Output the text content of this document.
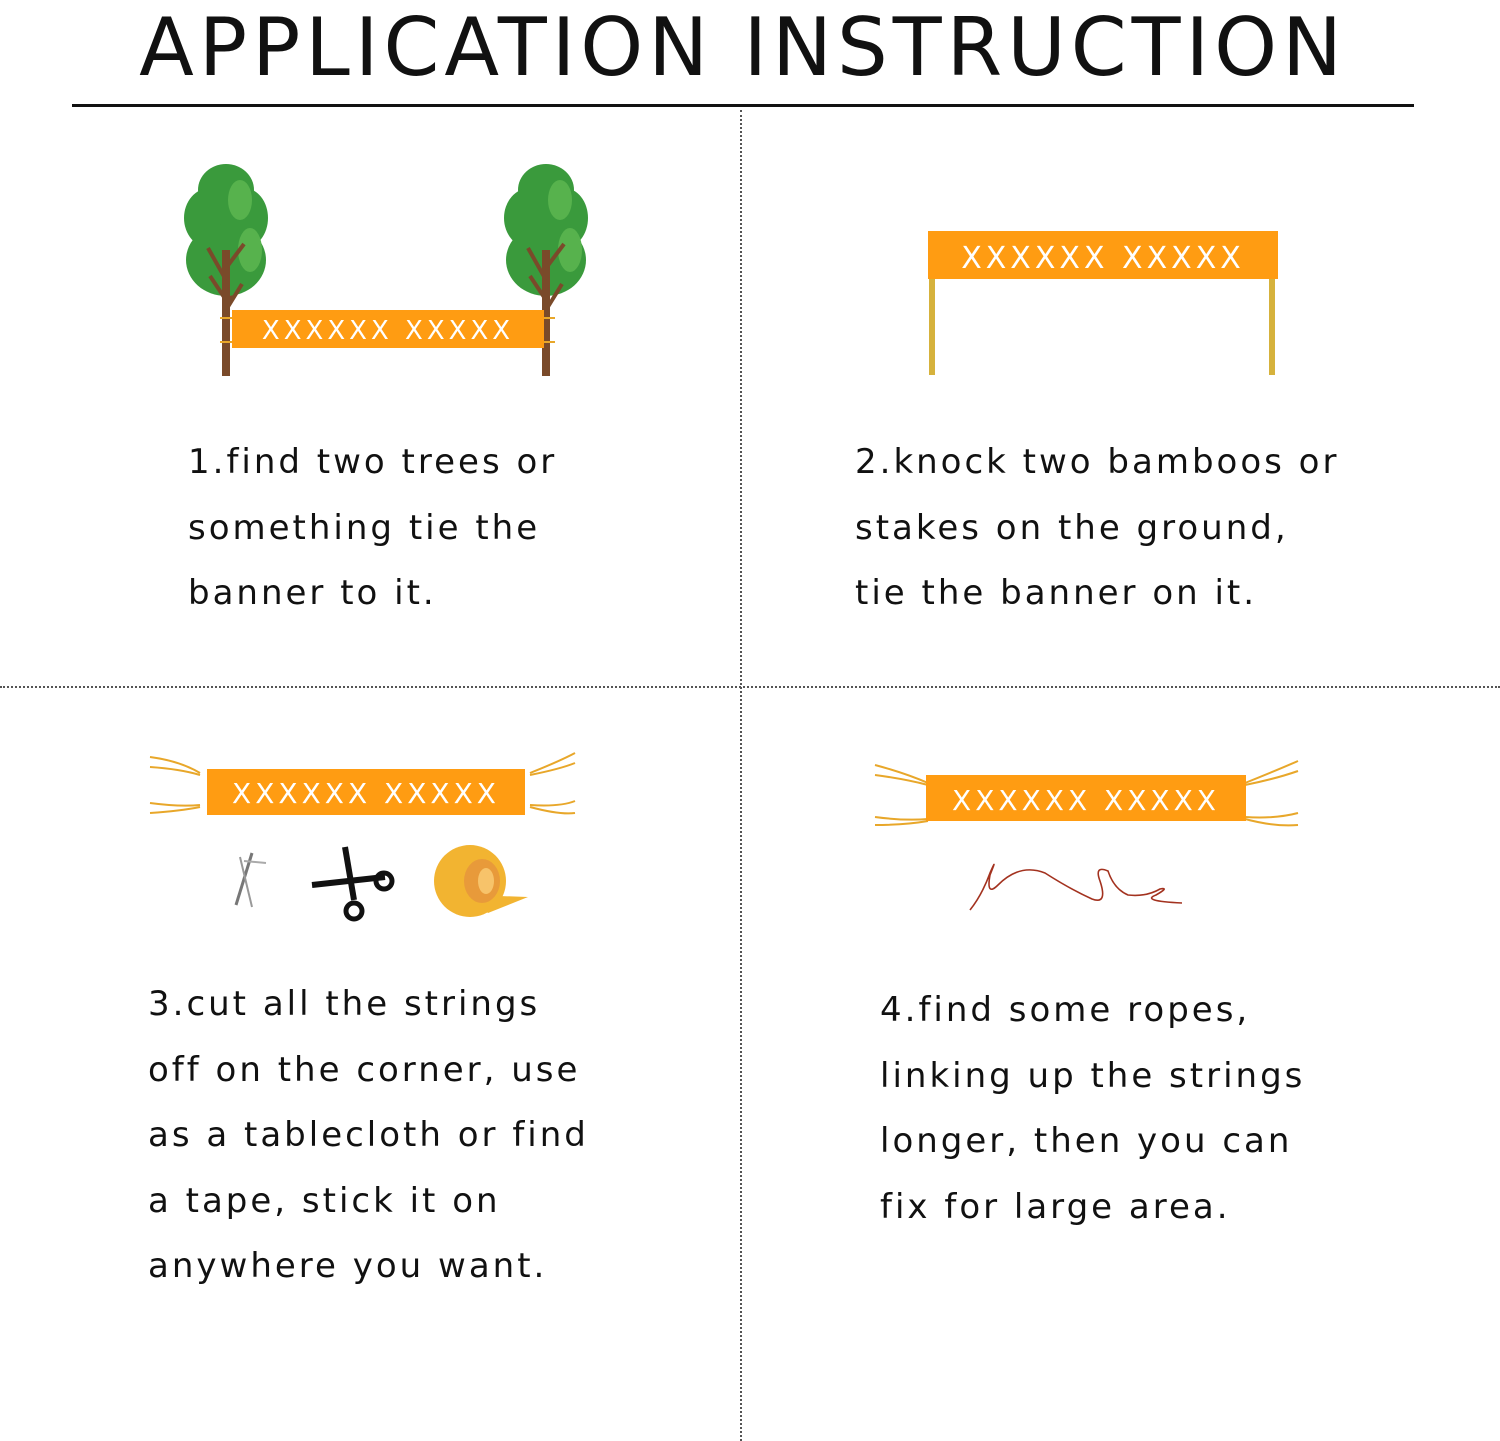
APPLICATION INSTRUCTION
XXXXXX XXXXX
XXXXXX XXXXX
XXXXXX XXXXX	XXXXXX XXXXX
1.find two trees or
something tie the
banner to it.
2.knock two bamboos or
stakes on the ground,
tie the banner on it.
3.cut all the strings
off on the corner, use
as a tablecloth or find
a tape, stick it on
anywhere you want.
4.find some ropes,
linking up the strings
longer, then you can
fix for large area.
